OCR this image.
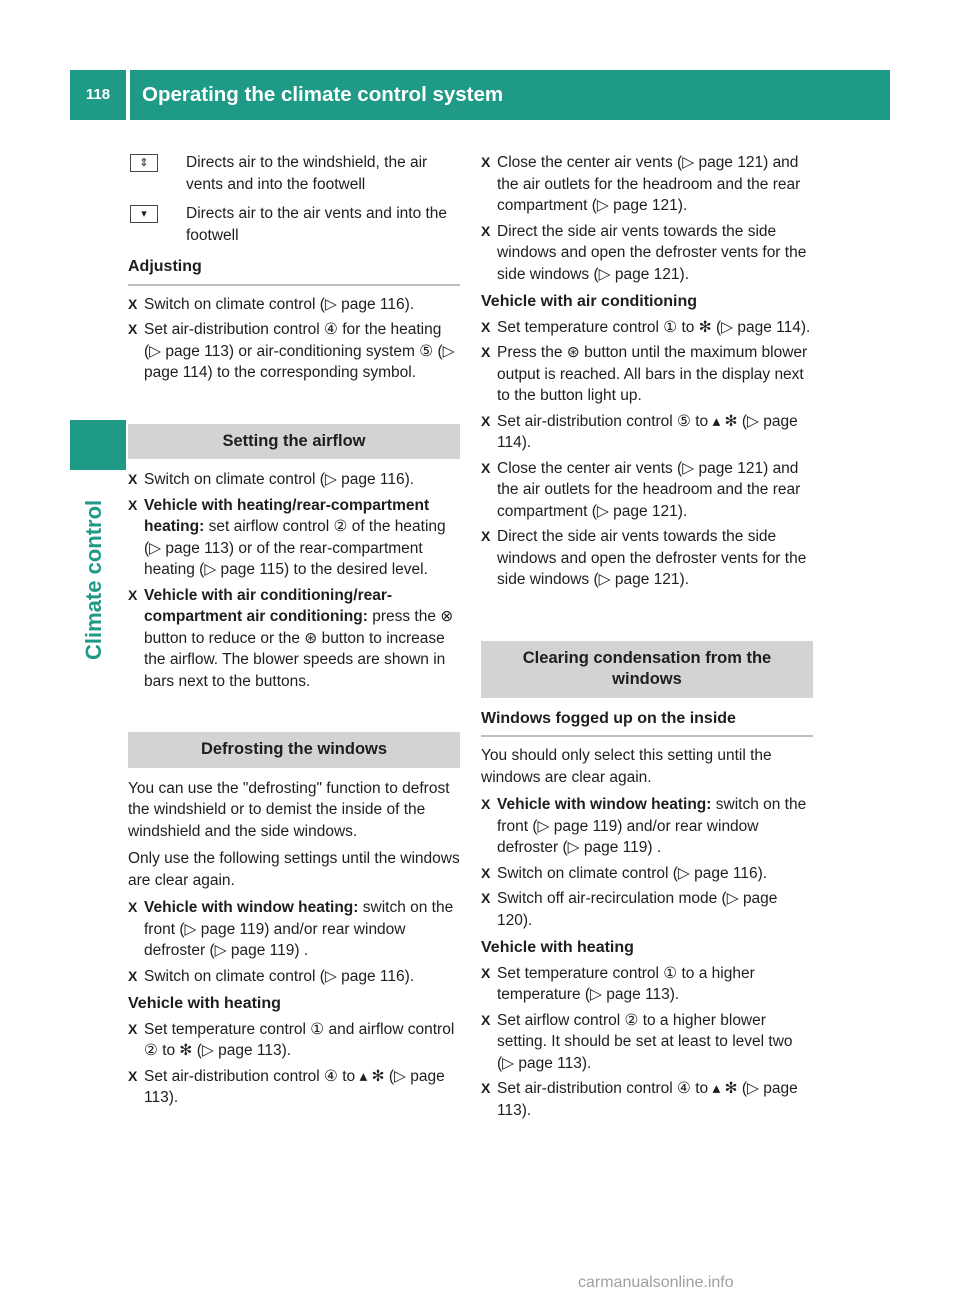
118	Operating the climate control system
Climate control
⇕	Directs air to the windshield, the air vents and into the footwell
▾	Directs air to the air vents and into the footwell
Adjusting
X Switch on climate control (▷ page 116).
X Set air-distribution control ④ for the heating (▷ page 113) or air-conditioning system ⑤ (▷ page 114) to the corresponding symbol.
Setting the airflow
X Switch on climate control (▷ page 116).
X Vehicle with heating/rear-compartment heating: set airflow control ② of the heating (▷ page 113) or of the rear-compartment heating (▷ page 115) to the desired level.
X Vehicle with air conditioning/rear-compartment air conditioning: press the ⊗ button to reduce or the ⊛ button to increase the airflow. The blower speeds are shown in bars next to the buttons.
Defrosting the windows
You can use the "defrosting" function to defrost the windshield or to demist the inside of the windshield and the side windows.
Only use the following settings until the windows are clear again.
X Vehicle with window heating: switch on the front (▷ page 119) and/or rear window defroster (▷ page 119) .
X Switch on climate control (▷ page 116).
Vehicle with heating
X Set temperature control ① and airflow control ② to ✻ (▷ page 113).
X Set air-distribution control ④ to ▴ ✻ (▷ page 113).
X Close the center air vents (▷ page 121) and the air outlets for the headroom and the rear compartment (▷ page 121).
X Direct the side air vents towards the side windows and open the defroster vents for the side windows (▷ page 121).
Vehicle with air conditioning
X Set temperature control ① to ✻ (▷ page 114).
X Press the ⊛ button until the maximum blower output is reached. All bars in the display next to the button light up.
X Set air-distribution control ⑤ to ▴ ✻ (▷ page 114).
X Close the center air vents (▷ page 121) and the air outlets for the headroom and the rear compartment (▷ page 121).
X Direct the side air vents towards the side windows and open the defroster vents for the side windows (▷ page 121).
Clearing condensation from the windows
Windows fogged up on the inside
You should only select this setting until the windows are clear again.
X Vehicle with window heating: switch on the front (▷ page 119) and/or rear window defroster (▷ page 119) .
X Switch on climate control (▷ page 116).
X Switch off air-recirculation mode (▷ page 120).
Vehicle with heating
X Set temperature control ① to a higher temperature (▷ page 113).
X Set airflow control ② to a higher blower setting. It should be set at least to level two (▷ page 113).
X Set air-distribution control ④ to ▴ ✻ (▷ page 113).
carmanualsonline.info
